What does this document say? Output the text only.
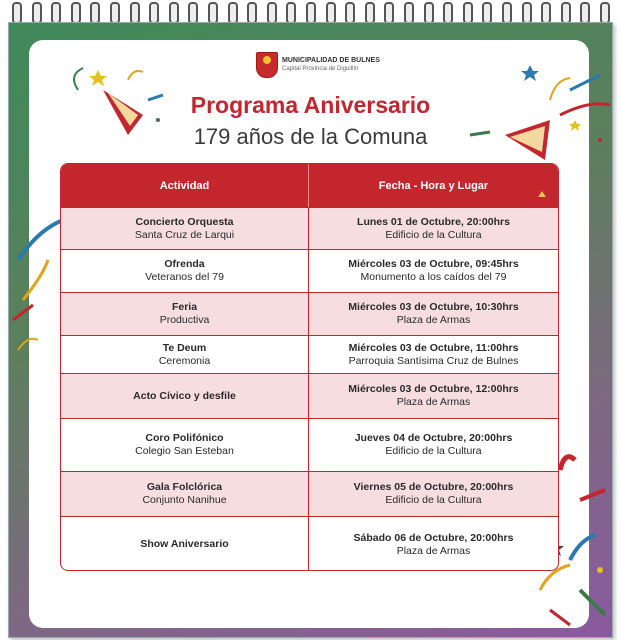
MUNICIPALIDAD DE BULNES
Capital Provincia de Diguillín
Programa Aniversario
179 años de la Comuna
Actividad	Fecha - Hora y Lugar
Concierto Orquesta
Santa Cruz de Larqui
Lunes 01 de Octubre, 20:00hrs
Edificio de la Cultura
Ofrenda
Veteranos del 79
Miércoles 03 de Octubre, 09:45hrs
Monumento a los caídos del 79
Feria
Productiva
Miércoles 03 de Octubre, 10:30hrs
Plaza de Armas
Te Deum
Ceremonia
Miércoles 03 de Octubre, 11:00hrs
Parroquia Santísima Cruz de Bulnes
Acto Cívico y desfile
Miércoles 03 de Octubre, 12:00hrs
Plaza de Armas
Coro Polifónico
Colegio San Esteban
Jueves 04 de Octubre, 20:00hrs
Edificio de la Cultura
Gala Folclórica
Conjunto Nanihue
Viernes 05 de Octubre, 20:00hrs
Edificio de la Cultura
Show Aniversario
Sábado 06 de Octubre, 20:00hrs
Plaza de Armas
